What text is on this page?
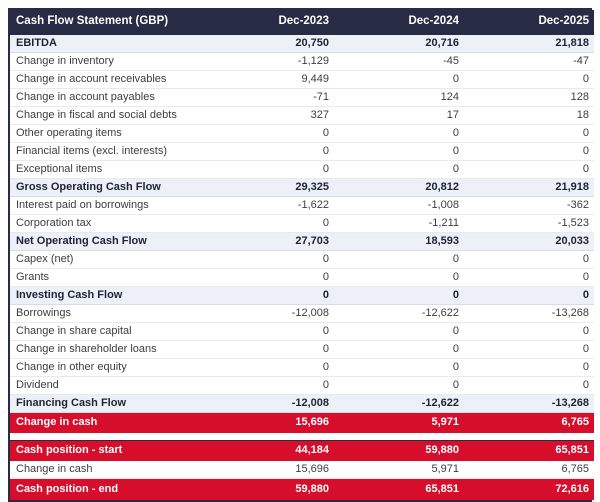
Cash Flow Statement (GBP)	Dec-2023	Dec-2024	Dec-2025
EBITDA	20,750	20,716	21,818
Change in inventory	-1,129	-45	-47
Change in account receivables	9,449	0	0
Change in account payables	-71	124	128
Change in fiscal and social debts	327	17	18
Other operating items	0	0	0
Financial items (excl. interests)	0	0	0
Exceptional items	0	0	0
Gross Operating Cash Flow	29,325	20,812	21,918
Interest paid on borrowings	-1,622	-1,008	-362
Corporation tax	0	-1,211	-1,523
Net Operating Cash Flow	27,703	18,593	20,033
Capex (net)	0	0	0
Grants	0	0	0
Investing Cash Flow	0	0	0
Borrowings	-12,008	-12,622	-13,268
Change in share capital	0	0	0
Change in shareholder loans	0	0	0
Change in other equity	0	0	0
Dividend	0	0	0
Financing Cash Flow	-12,008	-12,622	-13,268
Change in cash	15,696	5,971	6,765

Cash position - start	44,184	59,880	65,851
Change in cash	15,696	5,971	6,765
Cash position - end	59,880	65,851	72,616
